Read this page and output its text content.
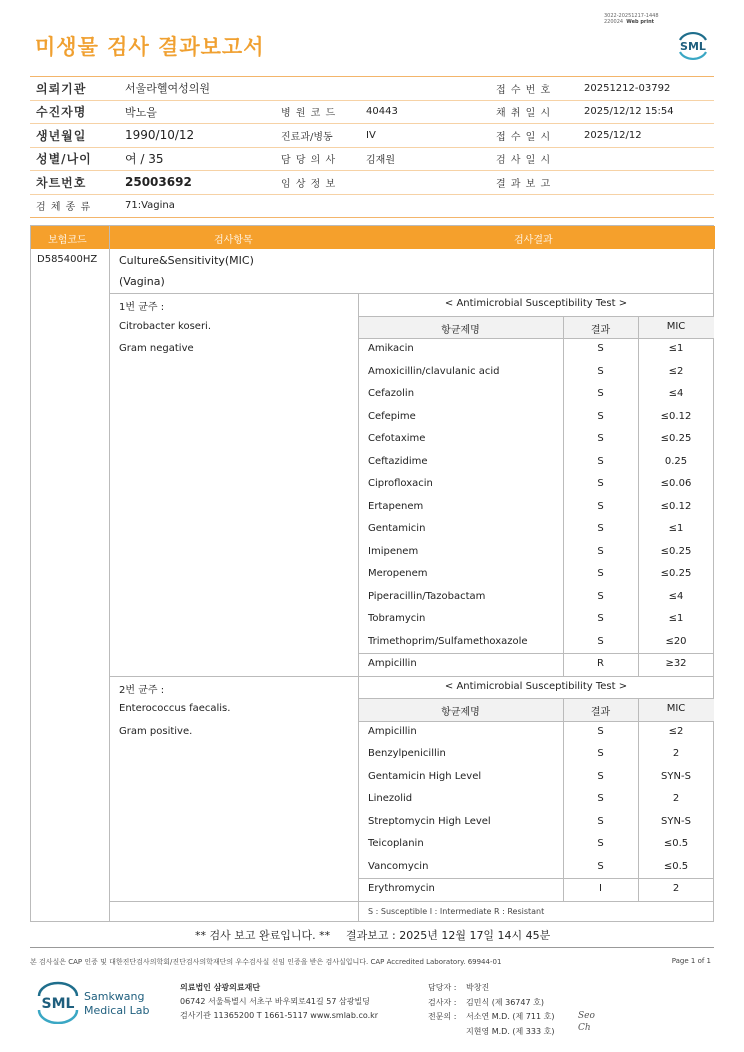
3022-20251217-1448
220024 Web print
미생물 검사 결과보고서	SML
의뢰기관	서울라헬여성의원	접 수 번 호	20251212-03792
수진자명	박노을	병 원 코 드	40443	채 취 일 시	2025/12/12 15:54
생년월일	1990/10/12	진료과/병동	IV	접 수 일 시	2025/12/12
성별/나이	여 / 35	담 당 의 사	김재원	검 사 일 시
차트번호	25003692	임 상 정 보	결 과 보 고
검 체 종 류	71:Vagina
보험코드	검사항목	검사결과
D585400HZ Culture&Sensitivity(MIC)
(Vagina)
1번 균주 :
Citrobacter koseri.
Gram negative
< Antimicrobial Susceptibility Test >
항균제명	결과	MIC
Amikacin	S	≤1
Amoxicillin/clavulanic acid	S	≤2
Cefazolin	S	≤4
Cefepime	S	≤0.12
Cefotaxime	S	≤0.25
Ceftazidime	S	0.25
Ciprofloxacin	S	≤0.06
Ertapenem	S	≤0.12
Gentamicin	S	≤1
Imipenem	S	≤0.25
Meropenem	S	≤0.25
Piperacillin/Tazobactam	S	≤4
Tobramycin	S	≤1
Trimethoprim/Sulfamethoxazole	S	≤20
Ampicillin	R	≥32
2번 균주 :
Enterococcus faecalis.
Gram positive.
< Antimicrobial Susceptibility Test >
항균제명	결과	MIC
Ampicillin	S	≤2
Benzylpenicillin	S	2
Gentamicin High Level	S	SYN-S
Linezolid	S	2
Streptomycin High Level	S	SYN-S
Teicoplanin	S	≤0.5
Vancomycin	S	≤0.5
Erythromycin	I	2
S : Susceptible I : Intermediate R : Resistant
** 검사 보고 완료입니다. ** 결과보고 : 2025년 12월 17일 14시 45분
본 검사실은 CAP 인증 및 대한진단검사의학회/진단검사의학재단의 우수검사실 신임 인증을 받은 검사실입니다. CAP Accredited Laboratory. 69944-01	Page 1 of 1
SML Samkwang
Medical Lab
의료법인 삼광의료재단
06742 서울특별시 서초구 바우뫼로41길 57 삼광빌딩
검사기관 11365200 T 1661-5117 www.smlab.co.kr
담당자 : 박창진
검사자 : 김민식 (제 36747 호)
전문의 : 서소연 M.D. (제 711 호)
지현영 M.D. (제 333 호)
Seo
Ch
